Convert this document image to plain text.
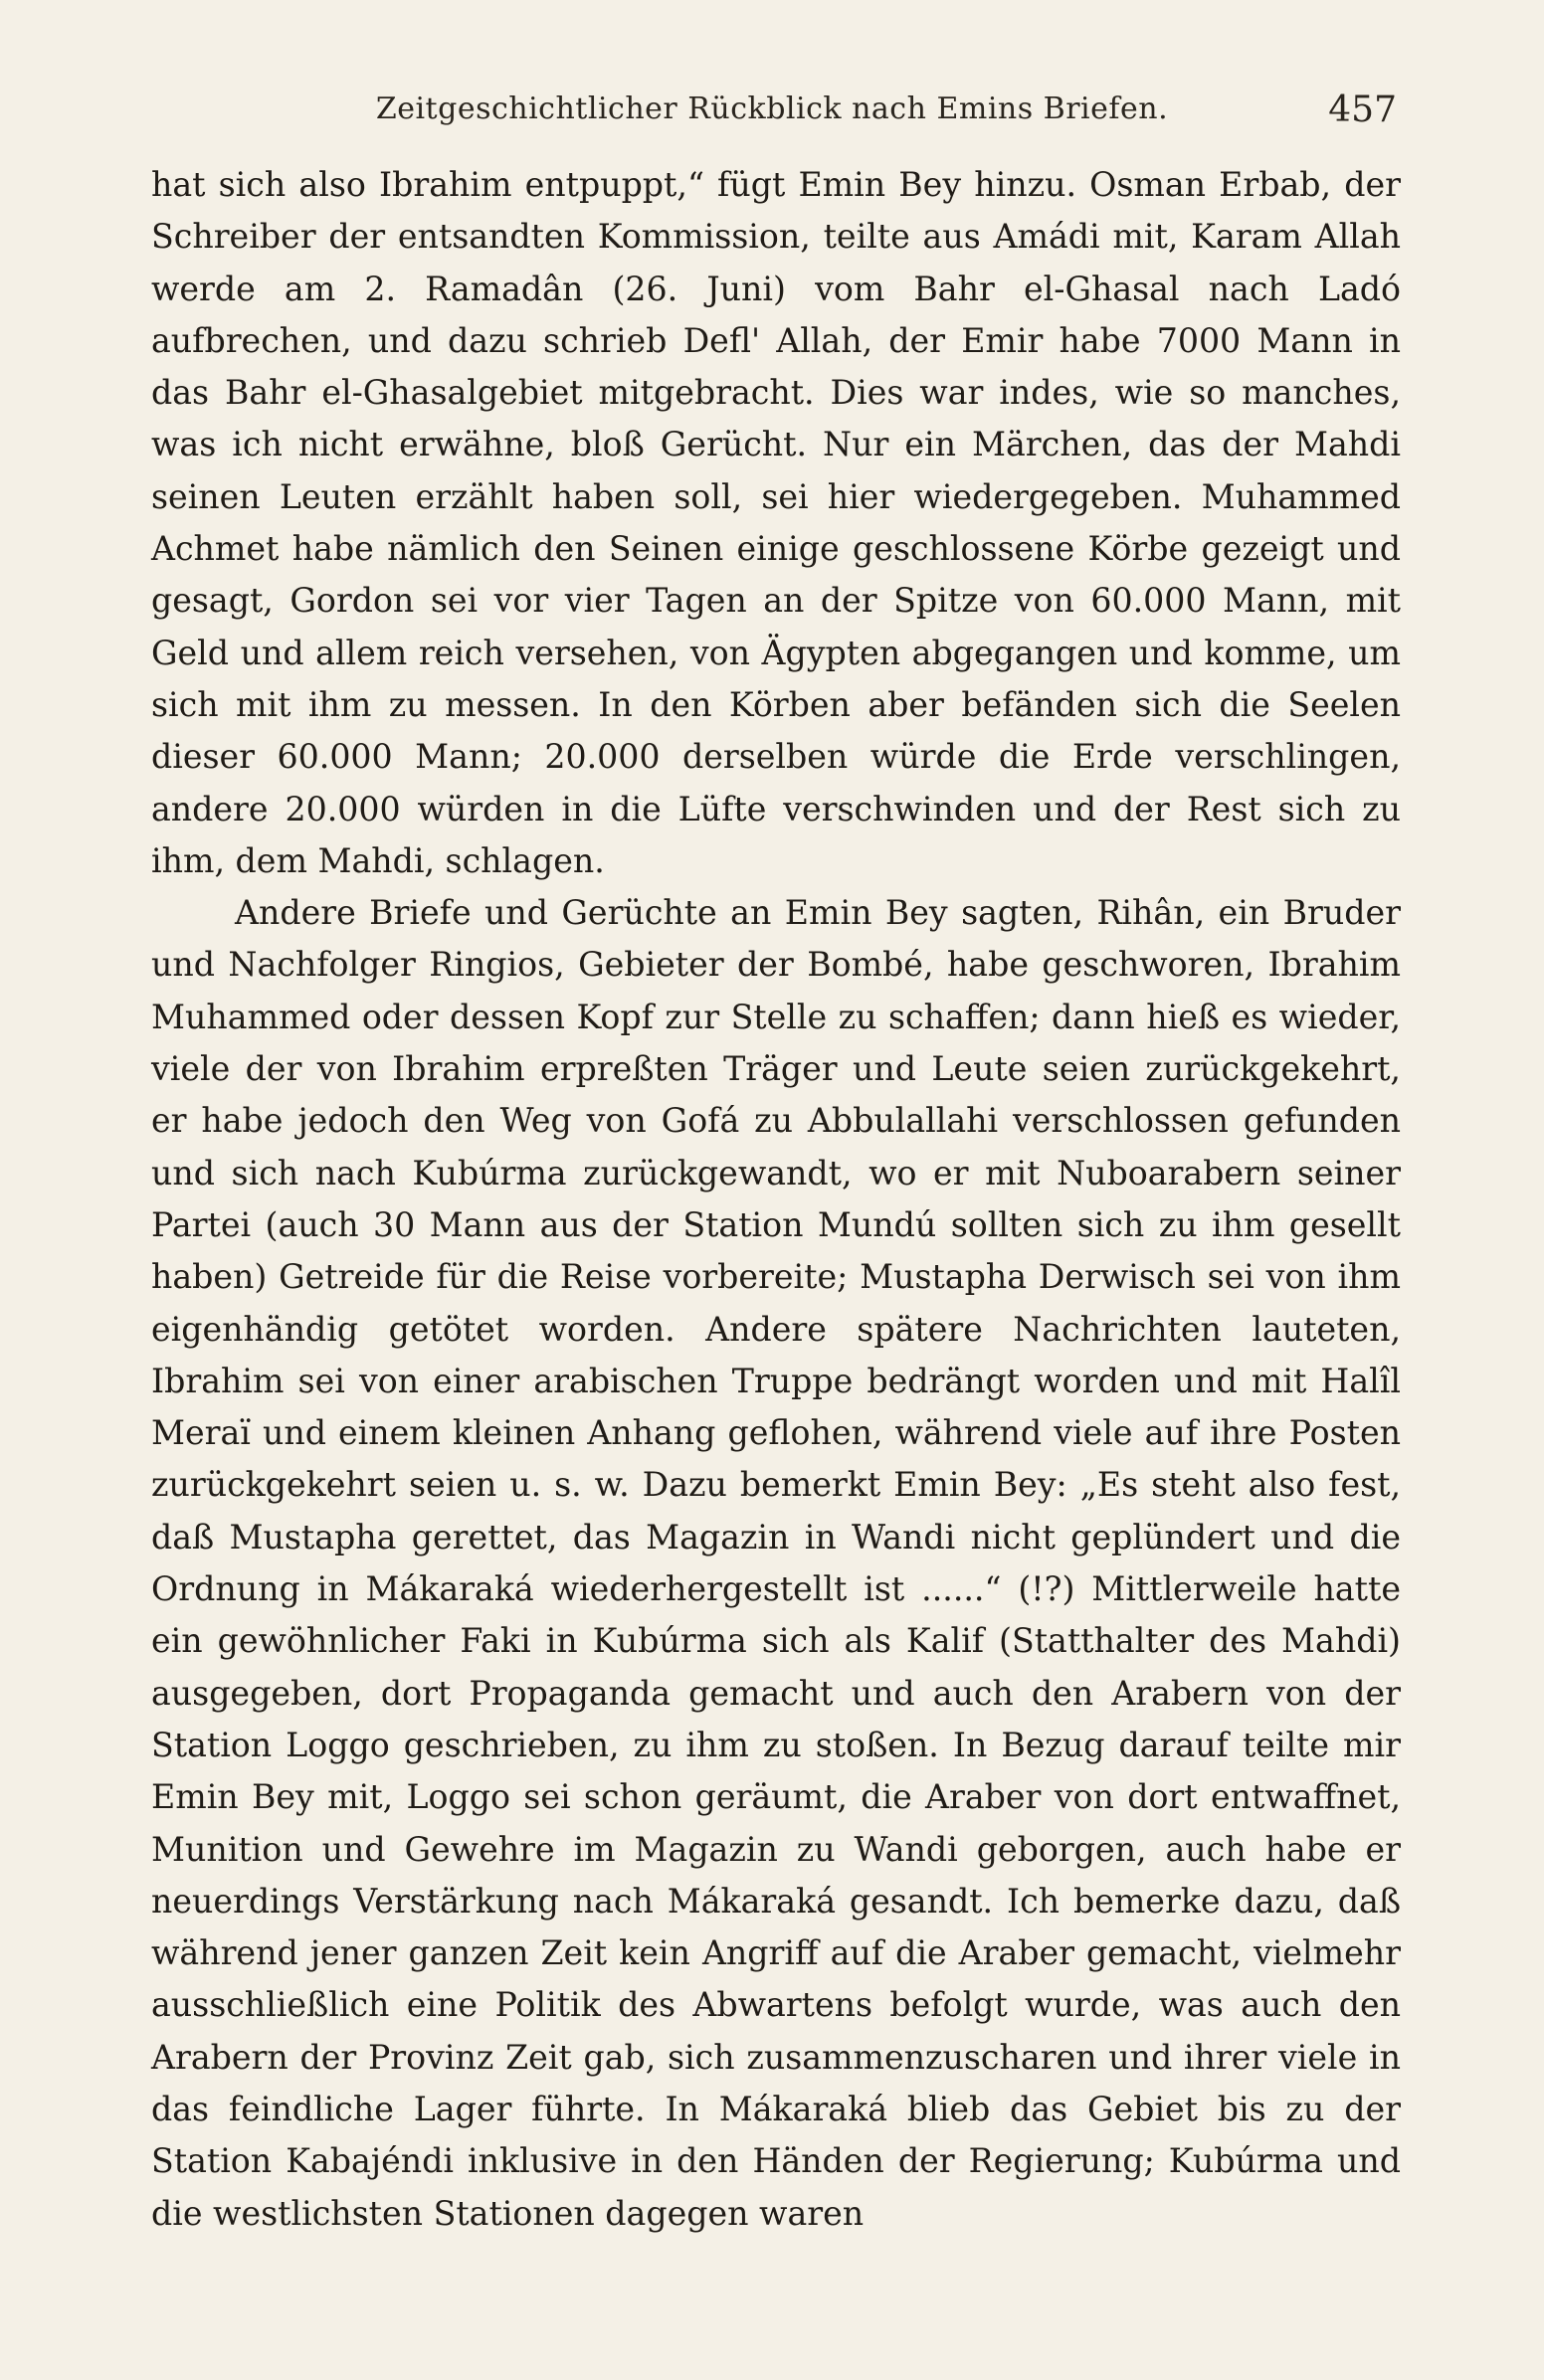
Zeitgeschichtlicher Rückblick nach Emins Briefen.	457

hat sich also Ibrahim entpuppt,“ fügt Emin Bey hinzu. Osman Erbab, der Schreiber der entsandten Kommission, teilte aus Amádi mit, Karam Allah werde am 2. Ramadân (26. Juni) vom Bahr el-Ghasal nach Ladó aufbrechen, und dazu schrieb Defl' Allah, der Emir habe 7000 Mann in das Bahr el-Ghasalgebiet mitgebracht. Dies war indes, wie so manches, was ich nicht erwähne, bloß Gerücht. Nur ein Märchen, das der Mahdi seinen Leuten erzählt haben soll, sei hier wiedergegeben. Muhammed Achmet habe nämlich den Seinen einige geschlossene Körbe gezeigt und gesagt, Gordon sei vor vier Tagen an der Spitze von 60.000 Mann, mit Geld und allem reich versehen, von Ägypten abgegangen und komme, um sich mit ihm zu messen. In den Körben aber befänden sich die Seelen dieser 60.000 Mann; 20.000 derselben würde die Erde verschlingen, andere 20.000 würden in die Lüfte verschwinden und der Rest sich zu ihm, dem Mahdi, schlagen.

Andere Briefe und Gerüchte an Emin Bey sagten, Rihân, ein Bruder und Nachfolger Ringios, Gebieter der Bombé, habe geschworen, Ibrahim Muhammed oder dessen Kopf zur Stelle zu schaffen; dann hieß es wieder, viele der von Ibrahim erpreßten Träger und Leute seien zurückgekehrt, er habe jedoch den Weg von Gofá zu Abbulallahi verschlossen gefunden und sich nach Kubúrma zurückgewandt, wo er mit Nuboarabern seiner Partei (auch 30 Mann aus der Station Mundú sollten sich zu ihm gesellt haben) Getreide für die Reise vorbereite; Mustapha Derwisch sei von ihm eigenhändig getötet worden. Andere spätere Nachrichten lauteten, Ibrahim sei von einer arabischen Truppe bedrängt worden und mit Halîl Meraï und einem kleinen Anhang geflohen, während viele auf ihre Posten zurückgekehrt seien u. s. w. Dazu bemerkt Emin Bey: „Es steht also fest, daß Mustapha gerettet, das Magazin in Wandi nicht geplündert und die Ordnung in Mákaraká wiederhergestellt ist ......“ (!?) Mittlerweile hatte ein gewöhnlicher Faki in Kubúrma sich als Kalif (Statthalter des Mahdi) ausgegeben, dort Propaganda gemacht und auch den Arabern von der Station Loggo geschrieben, zu ihm zu stoßen. In Bezug darauf teilte mir Emin Bey mit, Loggo sei schon geräumt, die Araber von dort entwaffnet, Munition und Gewehre im Magazin zu Wandi geborgen, auch habe er neuerdings Verstärkung nach Mákaraká gesandt. Ich bemerke dazu, daß während jener ganzen Zeit kein Angriff auf die Araber gemacht, vielmehr ausschließlich eine Politik des Abwartens befolgt wurde, was auch den Arabern der Provinz Zeit gab, sich zusammenzuscharen und ihrer viele in das feindliche Lager führte. In Mákaraká blieb das Gebiet bis zu der Station Kabajéndi inklusive in den Händen der Regierung; Kubúrma und die westlichsten Stationen dagegen waren
